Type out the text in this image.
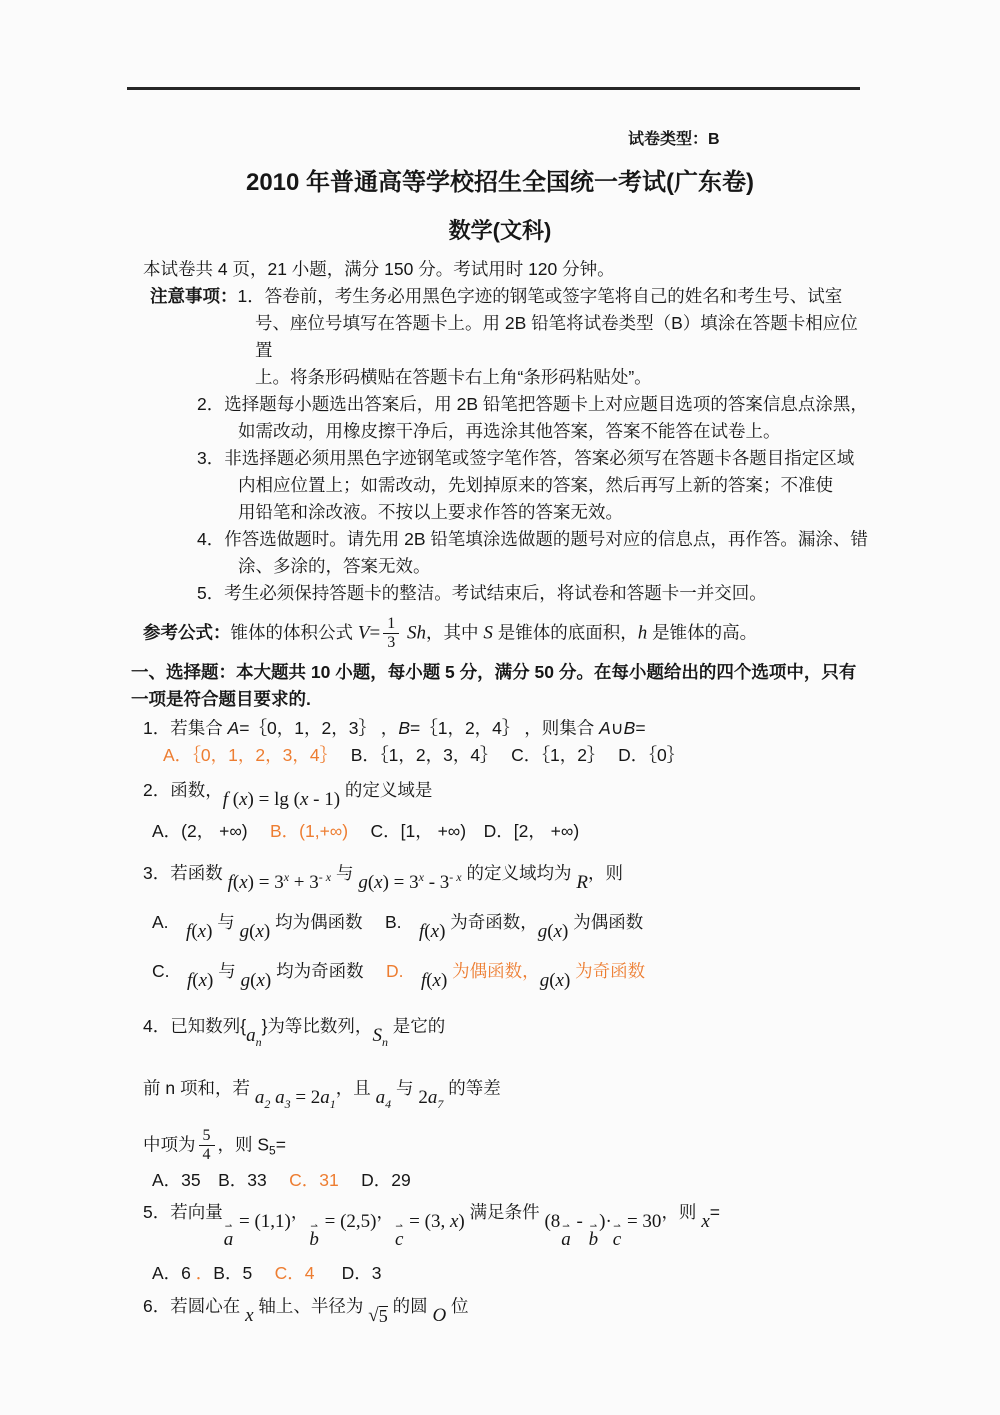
试卷类型：B
2010 年普通高等学校招生全国统一考试(广东卷)
数学(文科)
本试卷共 4 页，21 小题，满分 150 分。考试用时 120 分钟。
注意事项：1．答卷前，考生务必用黑色字迹的钢笔或签字笔将自己的姓名和考生号、试室
号、座位号填写在答题卡上。用 2B 铅笔将试卷类型（B）填涂在答题卡相应位置
上。将条形码横贴在答题卡右上角“条形码粘贴处”。
2．选择题每小题选出答案后，用 2B 铅笔把答题卡上对应题目选项的答案信息点涂黑，
如需改动，用橡皮擦干净后，再选涂其他答案，答案不能答在试卷上。
3．非选择题必须用黑色字迹钢笔或签字笔作答，答案必须写在答题卡各题目指定区域
内相应位置上；如需改动，先划掉原来的答案，然后再写上新的答案；不准使
用铅笔和涂改液。不按以上要求作答的答案无效。
4．作答选做题时。请先用 2B 铅笔填涂选做题的题号对应的信息点，再作答。漏涂、错
涂、多涂的，答案无效。
5．考生必须保持答题卡的整洁。考试结束后，将试卷和答题卡一并交回。
参考公式：锥体的体积公式 $V= \frac{1}{3}$ Sh，其中 S 是锥体的底面积，h 是锥体的高。
一、选择题：本大题共 10 小题，每小题 5 分，满分 50 分。在每小题给出的四个选项中，只有
一项是符合题目要求的.
1．若集合 A=｛0，1，2，3｝ ，B=｛1，2，4｝ ，则集合 A∪B=
A．｛0，1，2，3，4｝　 B．｛1，2，3，4｝　 C．｛1，2｝　 D．｛0｝
2．函数，f (x) = lg (x - 1) 的定义域是
A．(2， +∞)　 B．(1,+∞)　 C．[1， +∞)　D．[2， +∞)
3．若函数 f(x) = 3x + 3- x 与 g(x) = 3x - 3- x 的定义域均为 R，则
A.　f(x) 与 g(x) 均为偶函数　 B.　f(x) 为奇函数，g(x) 为偶函数
C.　f(x) 与 g(x) 均为奇函数　 D.　 f(x) 为偶函数，g(x) 为奇函数
4．已知数列$\{a_n\}$为等比数列，$S_n$ 是它的
前 n 项和，若 $a_2$ $a_3 = 2a_1$，且 $a_4$ 与 $2a_7$ 的等差
中项为 $\frac{5}{4}$ ，则 $S_5=$
A．35　B．33　 C．31　 D．29
5．若向量
⇀
a
= (1,1)，
⇀
b
= (2,5)，
⇀
c
= (3, x) 满足条件 (8 ⇀
a
- ⇀
b
)· ⇀
c
= 30，则 x=
A．6 ．B．5　 C．4 　 D．3
6．若圆心在 x 轴上、半径为 √ 5 的圆 O 位
